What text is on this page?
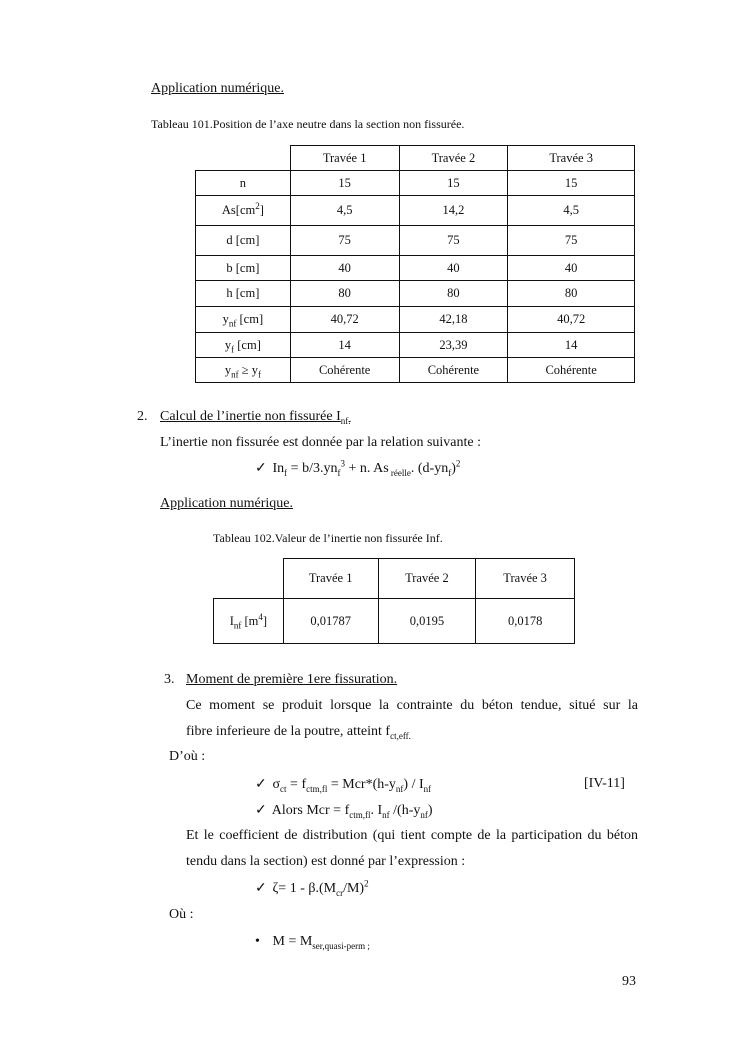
Application numérique.
Tableau 101.Position de l’axe neutre dans la section non fissurée.
	Travée 1	Travée 2	Travée 3
n	15	15	15
$As[cm^2]$	4,5	14,2	4,5
d [cm]	75	75	75
b [cm]	40	40	40
h [cm]	80	80	80
$y_{nf}$ [cm]	40,72	42,18	40,72
$y_f$ [cm]	14	23,39	14
$y_{nf} \ge y_f$	Cohérente	Cohérente	Cohérente
2. Calcul de l’inertie non fissurée $I_{nf.}$
L’inertie non fissurée est donnée par la relation suivante :
✓ $In_f = b/3.yn_f^3 + n$. As $_{réelle}$. $(d-yn_f)^2$
Application numérique.
Tableau 102.Valeur de l’inertie non fissurée Inf.
	Travée 1	Travée 2	Travée 3
$I_{nf}$ $[m^4]$	0,01787	0,0195	0,0178
3. Moment de première 1ere fissuration.
Ce moment se produit lorsque la contrainte du béton tendue, situé sur la
fibre inferieure de la poutre, atteint $f_{ct,eff.}$
D’où :
✓ $\sigma_{ct} = f_{ctm,fl} = Mcr*(h-y_{nf}) / I_{nf}$	[IV-11]
✓ Alors Mcr = $f_{ctm,fl}$. $I_{nf}$ $/(h-y_{nf})$
Et le coefficient de distribution (qui tient compte de la participation du béton
tendu dans la section) est donné par l’expression :
✓ $\zeta= 1 - \beta.(M_{cr}/M)^2$
Où :
• $M = M_{ser,quasi-perm ;}$
93
